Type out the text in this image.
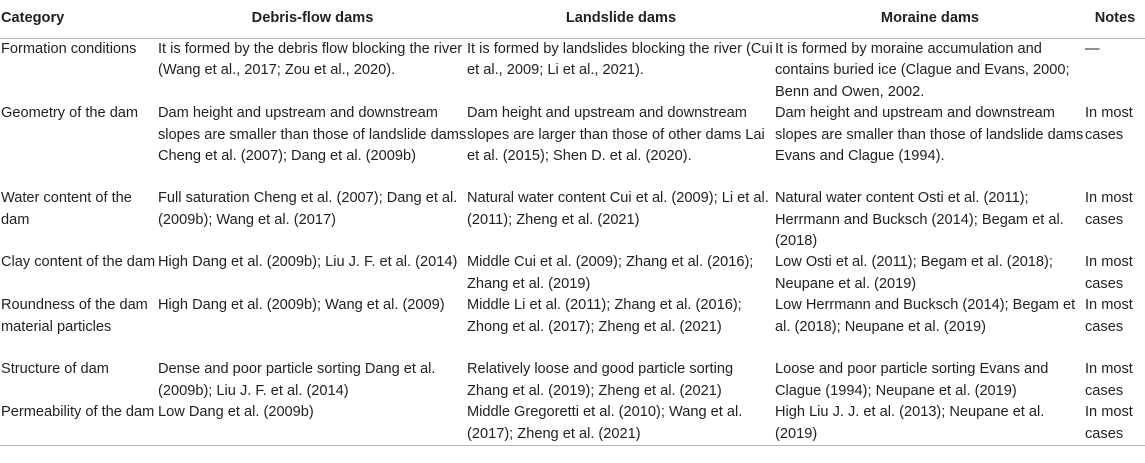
Category	Debris-flow dams	Landslide dams	Moraine dams	Notes
Formation conditions	It is formed by the debris flow blocking the river (Wang et al., 2017; Zou et al., 2020).	It is formed by landslides blocking the river (Cui et al., 2009; Li et al., 2021).	It is formed by moraine accumulation and contains buried ice (Clague and Evans, 2000; Benn and Owen, 2002.	—
Geometry of the dam	Dam height and upstream and downstream slopes are smaller than those of landslide dams Cheng et al. (2007); Dang et al. (2009b)	Dam height and upstream and downstream slopes are larger than those of other dams Lai et al. (2015); Shen D. et al. (2020).	Dam height and upstream and downstream slopes are smaller than those of landslide dams Evans and Clague (1994).	In most cases
Water content of the dam	Full saturation Cheng et al. (2007); Dang et al. (2009b); Wang et al. (2017)	Natural water content Cui et al. (2009); Li et al. (2011); Zheng et al. (2021)	Natural water content Osti et al. (2011); Herrmann and Bucksch (2014); Begam et al. (2018)	In most cases
Clay content of the dam	High Dang et al. (2009b); Liu J. F. et al. (2014)	Middle Cui et al. (2009); Zhang et al. (2016); Zhang et al. (2019)	Low Osti et al. (2011); Begam et al. (2018); Neupane et al. (2019)	In most cases
Roundness of the dam material particles	High Dang et al. (2009b); Wang et al. (2009)	Middle Li et al. (2011); Zhang et al. (2016); Zhong et al. (2017); Zheng et al. (2021)	Low Herrmann and Bucksch (2014); Begam et al. (2018); Neupane et al. (2019)	In most cases
Structure of dam	Dense and poor particle sorting Dang et al. (2009b); Liu J. F. et al. (2014)	Relatively loose and good particle sorting Zhang et al. (2019); Zheng et al. (2021)	Loose and poor particle sorting Evans and Clague (1994); Neupane et al. (2019)	In most cases
Permeability of the dam	Low Dang et al. (2009b)	Middle Gregoretti et al. (2010); Wang et al. (2017); Zheng et al. (2021)	High Liu J. J. et al. (2013); Neupane et al. (2019)	In most cases
